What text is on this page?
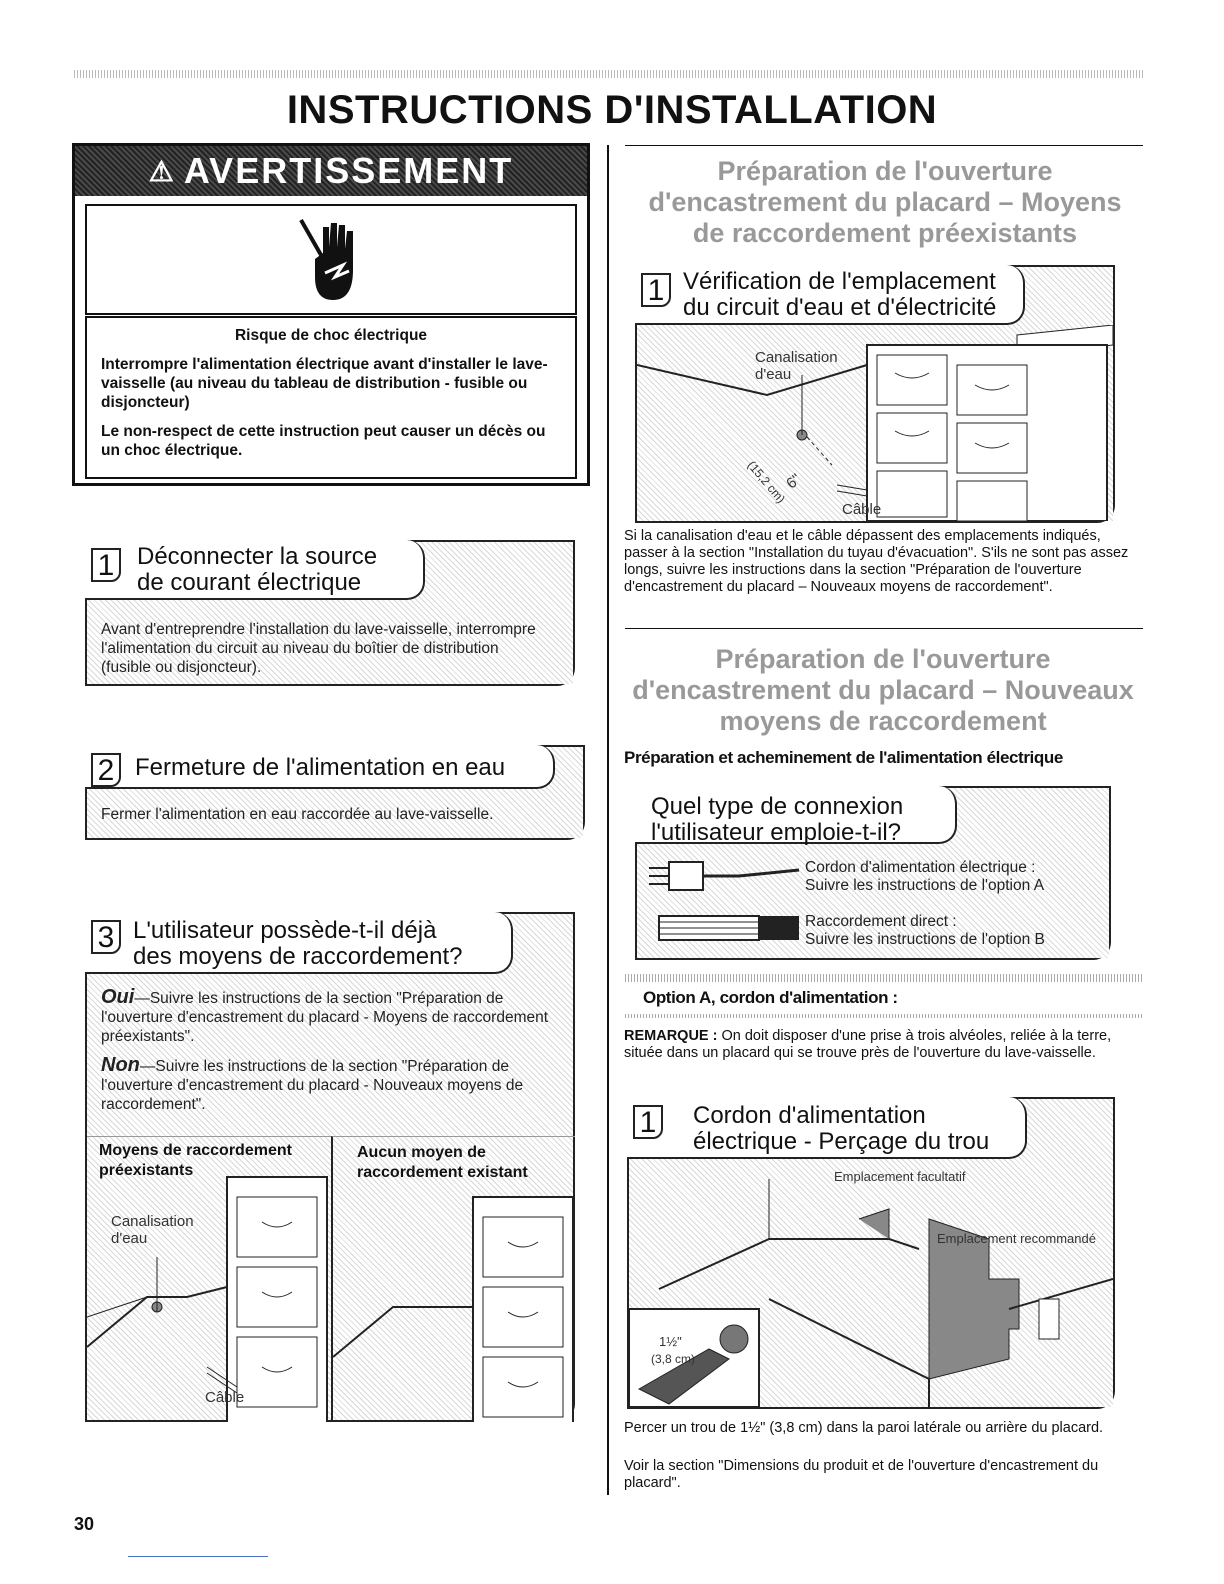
INSTRUCTIONS D'INSTALLATION
⚠ AVERTISSEMENT
Risque de choc électrique

Interrompre l'alimentation électrique avant d'installer le lave-vaisselle (au niveau du tableau de distribution - fusible ou disjoncteur)

Le non-respect de cette instruction peut causer un décès ou un choc électrique.

1 Déconnecter la source
de courant électrique
Avant d'entreprendre l'installation du lave-vaisselle, interrompre l'alimentation du circuit au niveau du boîtier de distribution (fusible ou disjoncteur).
2 Fermeture de l'alimentation en eau
Fermer l'alimentation en eau raccordée au lave-vaisselle.
3 L'utilisateur possède-t-il déjà
des moyens de raccordement?
Oui—Suivre les instructions de la section "Préparation de l'ouverture d'encastrement du placard - Moyens de raccordement préexistants".
Non—Suivre les instructions de la section "Préparation de l'ouverture d'encastrement du placard - Nouveaux moyens de raccordement".
Moyens de raccordement préexistants
Canalisation d'eau
Câble
Aucun moyen de raccordement existant
Préparation de l'ouverture d'encastrement du placard – Moyens de raccordement préexistants
1 Vérification de l'emplacement
du circuit d'eau et d'électricité
Canalisation d'eau
6"
(15,2 cm)
Câble
Si la canalisation d'eau et le câble dépassent des emplacements indiqués, passer à la section "Installation du tuyau d'évacuation". S'ils ne sont pas assez longs, suivre les instructions dans la section "Préparation de l'ouverture d'encastrement du placard – Nouveaux moyens de raccordement".
Préparation de l'ouverture d'encastrement du placard – Nouveaux moyens de raccordement
Préparation et acheminement de l'alimentation électrique
Quel type de connexion
l'utilisateur emploie-t-il?
Cordon d'alimentation électrique :
Suivre les instructions de l'option A
Raccordement direct :
Suivre les instructions de l'option B
Option A, cordon d'alimentation :
REMARQUE : On doit disposer d'une prise à trois alvéoles, reliée à la terre, située dans un placard qui se trouve près de l'ouverture du lave-vaisselle.
1 Cordon d'alimentation
électrique - Perçage du trou
Emplacement facultatif
Emplacement recommandé
1½"
(3,8 cm)
Percer un trou de 1½" (3,8 cm) dans la paroi latérale ou arrière du placard.
Voir la section "Dimensions du produit et de l'ouverture d'encastrement du placard".
30
